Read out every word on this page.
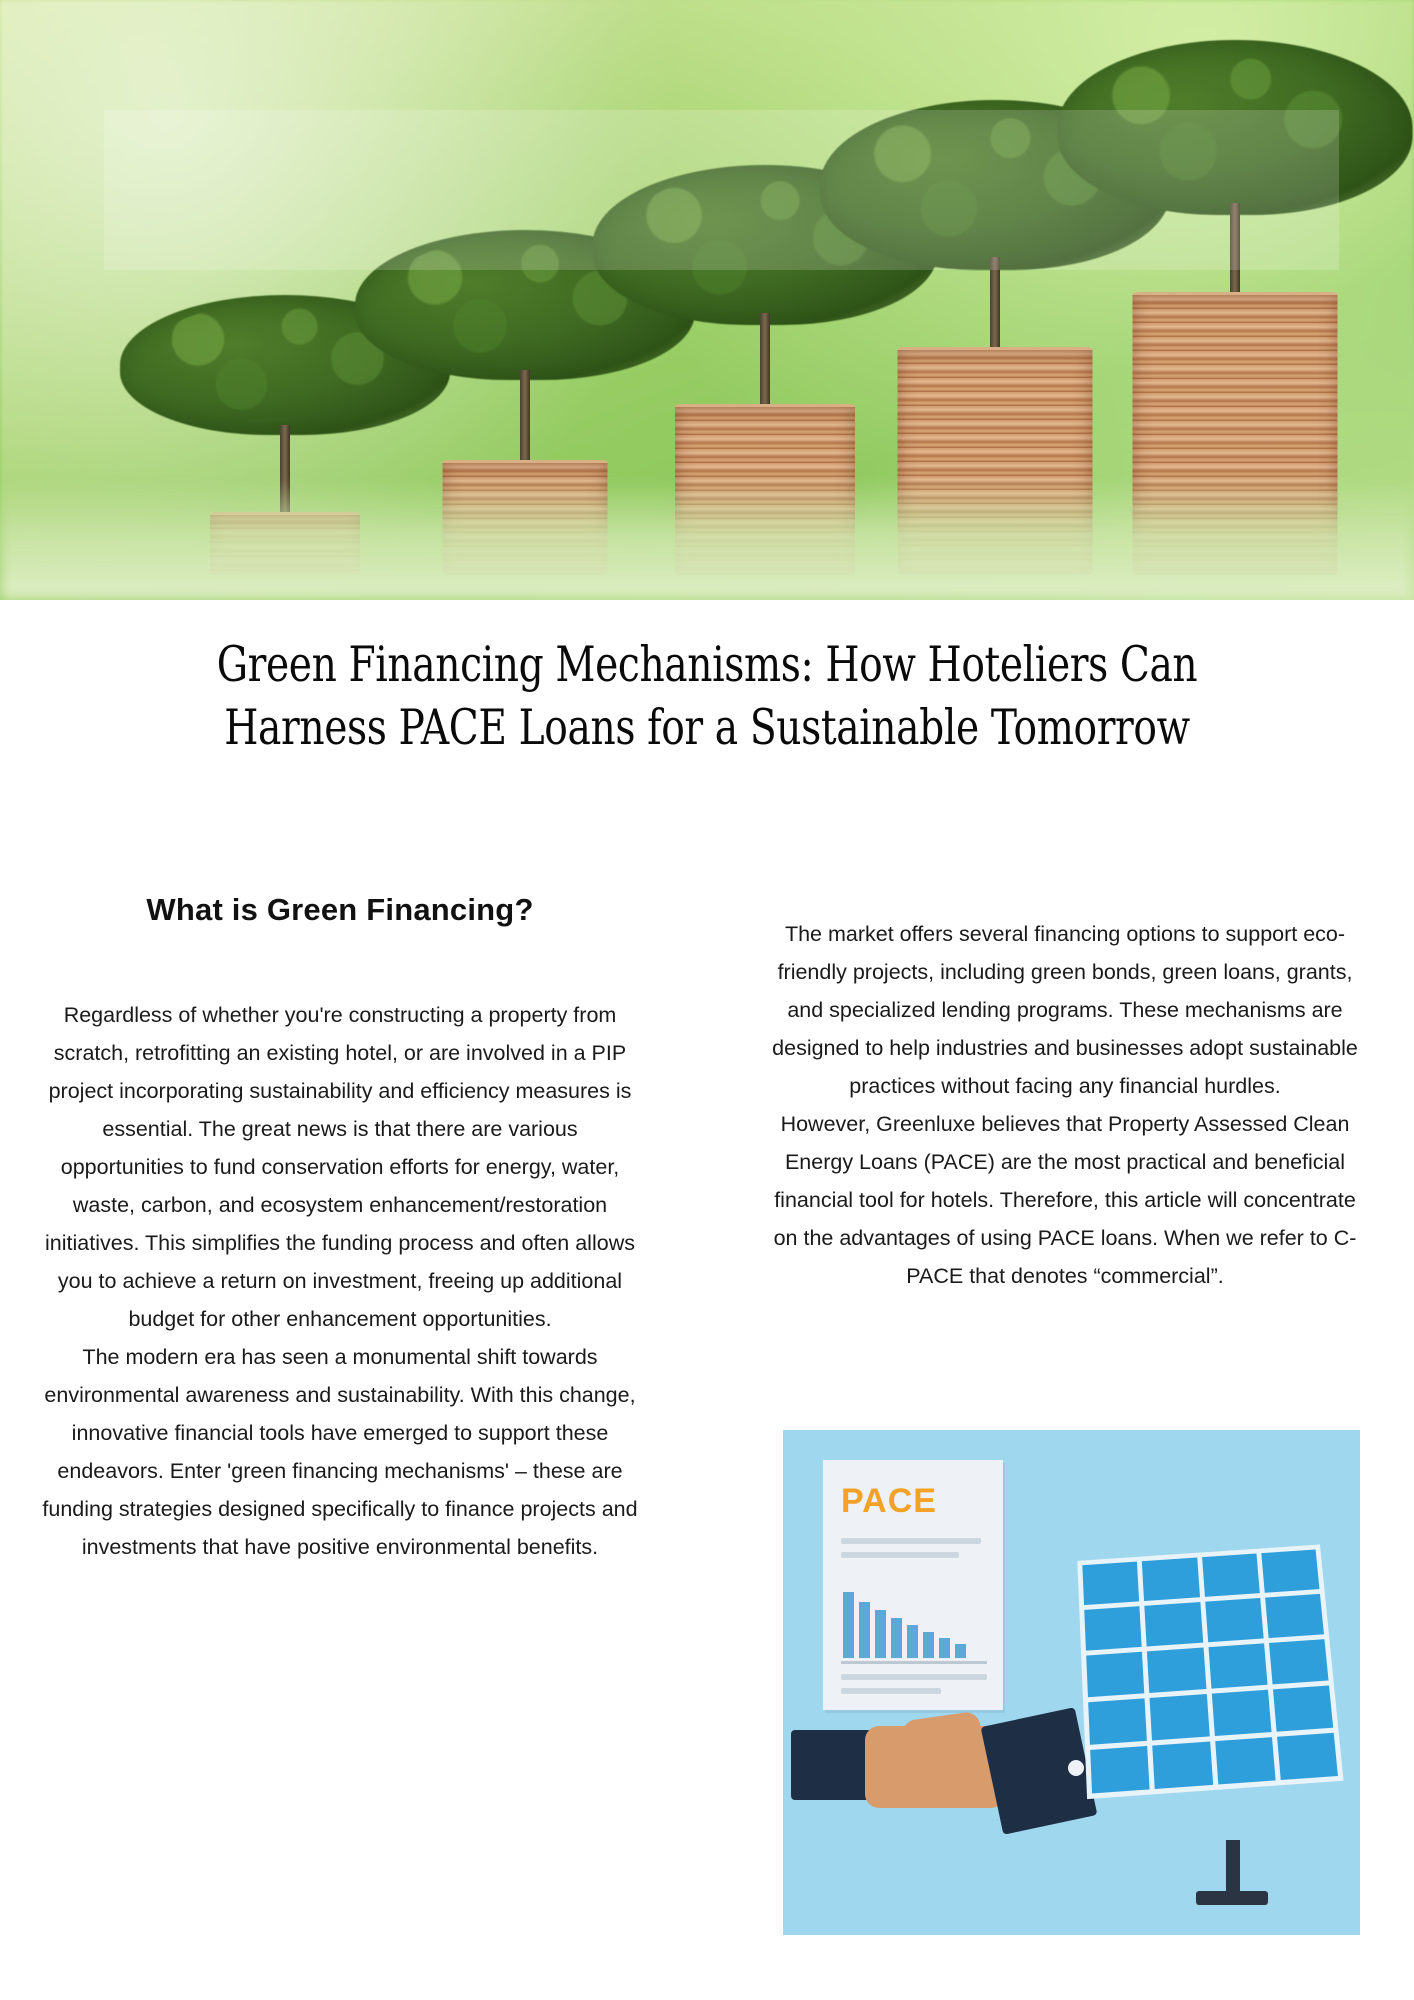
Green Financing Mechanisms: How Hoteliers Can Harness PACE Loans for a Sustainable Tomorrow
What is Green Financing?

Regardless of whether you're constructing a property from scratch, retrofitting an existing hotel, or are involved in a PIP project incorporating sustainability and efficiency measures is essential. The great news is that there are various opportunities to fund conservation efforts for energy, water, waste, carbon, and ecosystem enhancement/restoration initiatives. This simplifies the funding process and often allows you to achieve a return on investment, freeing up additional budget for other enhancement opportunities.

The modern era has seen a monumental shift towards environmental awareness and sustainability. With this change, innovative financial tools have emerged to support these endeavors. Enter 'green financing mechanisms' – these are funding strategies designed specifically to finance projects and investments that have positive environmental benefits.

The market offers several financing options to support eco-friendly projects, including green bonds, green loans, grants, and specialized lending programs. These mechanisms are designed to help industries and businesses adopt sustainable practices without facing any financial hurdles.

However, Greenluxe believes that Property Assessed Clean Energy Loans (PACE) are the most practical and beneficial financial tool for hotels. Therefore, this article will concentrate on the advantages of using PACE loans. When we refer to C-PACE that denotes “commercial”.

PACE
